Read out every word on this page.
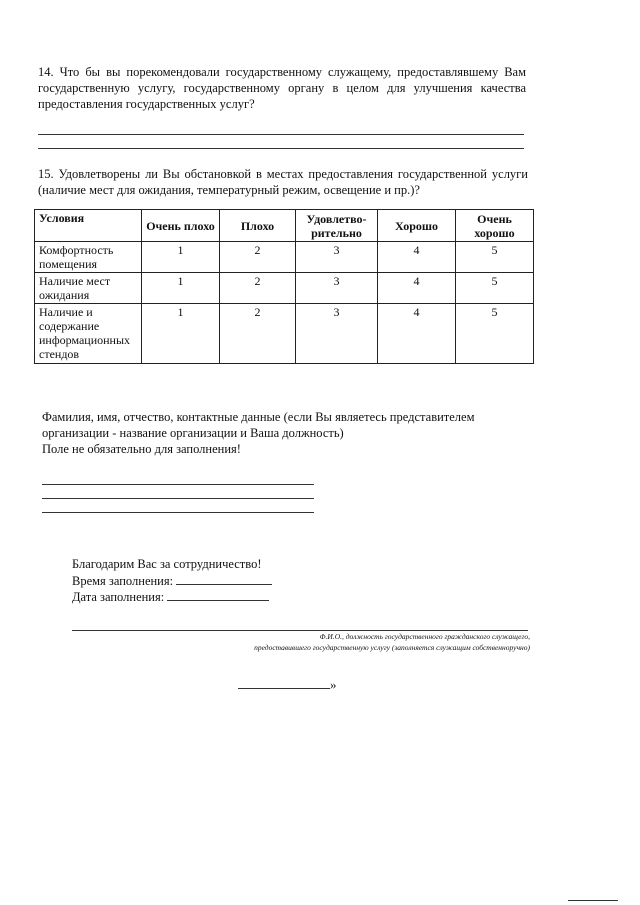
14. Что бы вы порекомендовали государственному служащему, предоставлявшему Вам государственную услугу, государственному органу в целом для улучшения качества предоставления государственных услуг?

15. Удовлетворены ли Вы обстановкой в местах предоставления государственной услуги (наличие мест для ожидания, температурный режим, освещение и пр.)?

Условия	Очень плохо	Плохо	Удовлетво-рительно	Хорошо	Очень хорошо
Комфортность помещения	1	2	3	4	5
Наличие мест ожидания	1	2	3	4	5
Наличие и содержание информационных стендов	1	2	3	4	5

Фамилия, имя, отчество, контактные данные (если Вы являетесь представителем организации - название организации и Ваша должность)

Поле не обязательно для заполнения!

Благодарим Вас за сотрудничество!

Время заполнения:

Дата заполнения:

Ф.И.О., должность государственного гражданского служащего,
предоставившего государственную услугу (заполняется служащим собственноручно)
»
